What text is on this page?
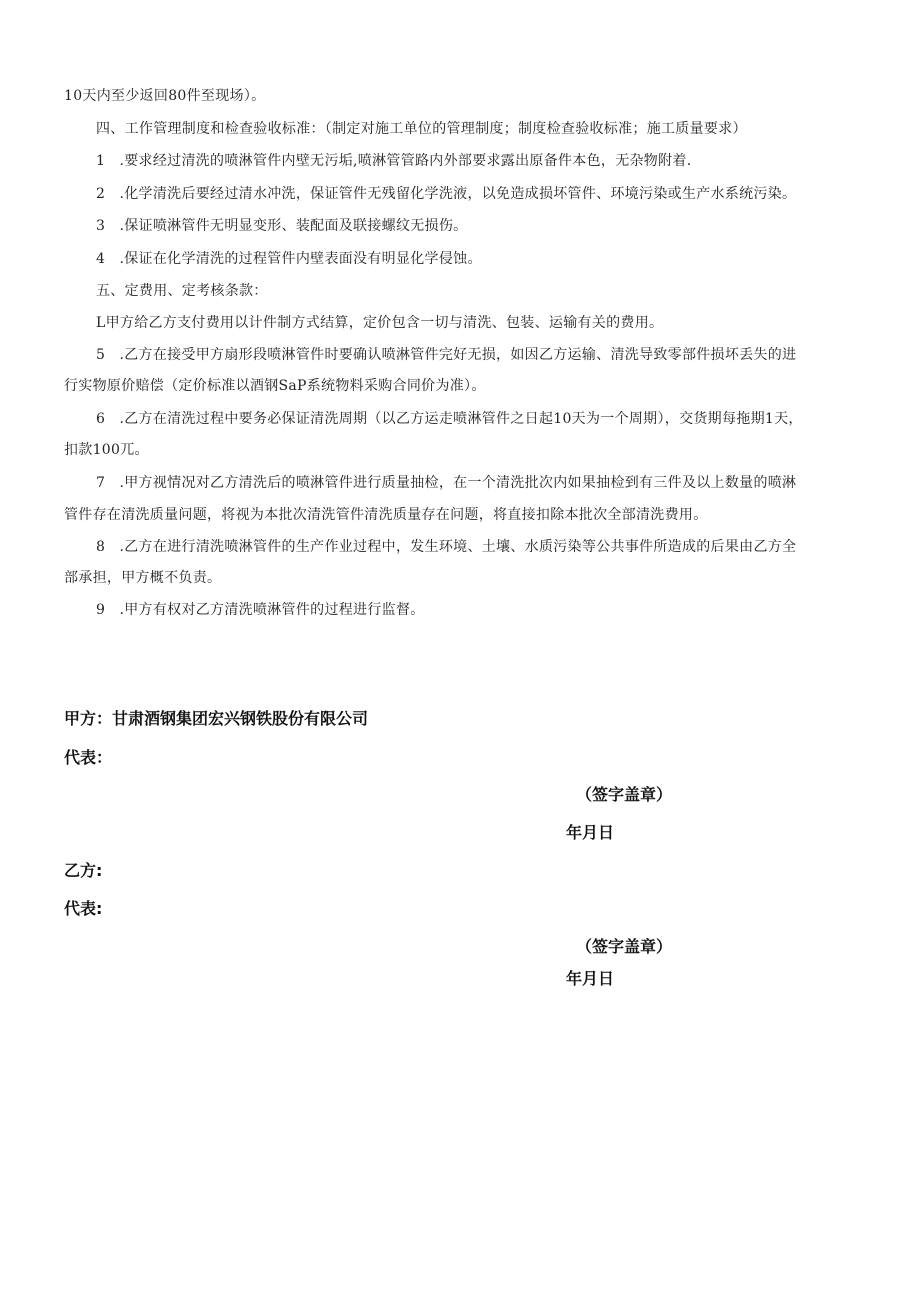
10天内至少返回80件至现场）。
四、工作管理制度和检查验收标准：（制定对施工单位的管理制度；制度检查验收标准；施工质量要求）
1　.要求经过清洗的喷淋管件内壁无污垢,喷淋管管路内外部要求露出原备件本色，无杂物附着.
2　.化学清洗后要经过清水冲洗，保证管件无残留化学洗液，以免造成损坏管件、环境污染或生产水系统污染。
3　.保证喷淋管件无明显变形、装配面及联接螺纹无损伤。
4　.保证在化学清洗的过程管件内壁表面没有明显化学侵蚀。
五、定费用、定考核条款：
L甲方给乙方支付费用以计件制方式结算，定价包含一切与清洗、包装、运输有关的费用。
5　.乙方在接受甲方扇形段喷淋管件时要确认喷淋管件完好无损，如因乙方运输、清洗导致零部件损坏丢失的进
行实物原价赔偿（定价标准以酒钢SaP系统物料采购合同价为准）。
6　.乙方在清洗过程中要务必保证清洗周期（以乙方运走喷淋管件之日起10天为一个周期），交货期每拖期1天，
扣款100兀。
7　.甲方视情况对乙方清洗后的喷淋管件进行质量抽检，在一个清洗批次内如果抽检到有三件及以上数量的喷淋
管件存在清洗质量问题，将视为本批次清洗管件清洗质量存在问题，将直接扣除本批次全部清洗费用。
8　.乙方在进行清洗喷淋管件的生产作业过程中，发生环境、土壤、水质污染等公共事件所造成的后果由乙方全
部承担，甲方概不负责。
9　.甲方有权对乙方清洗喷淋管件的过程进行监督。
甲方：甘肃酒钢集团宏兴钢铁股份有限公司
代表：
（签字盖章）
年月日
乙方:
代表:
（签字盖章）
年月日
